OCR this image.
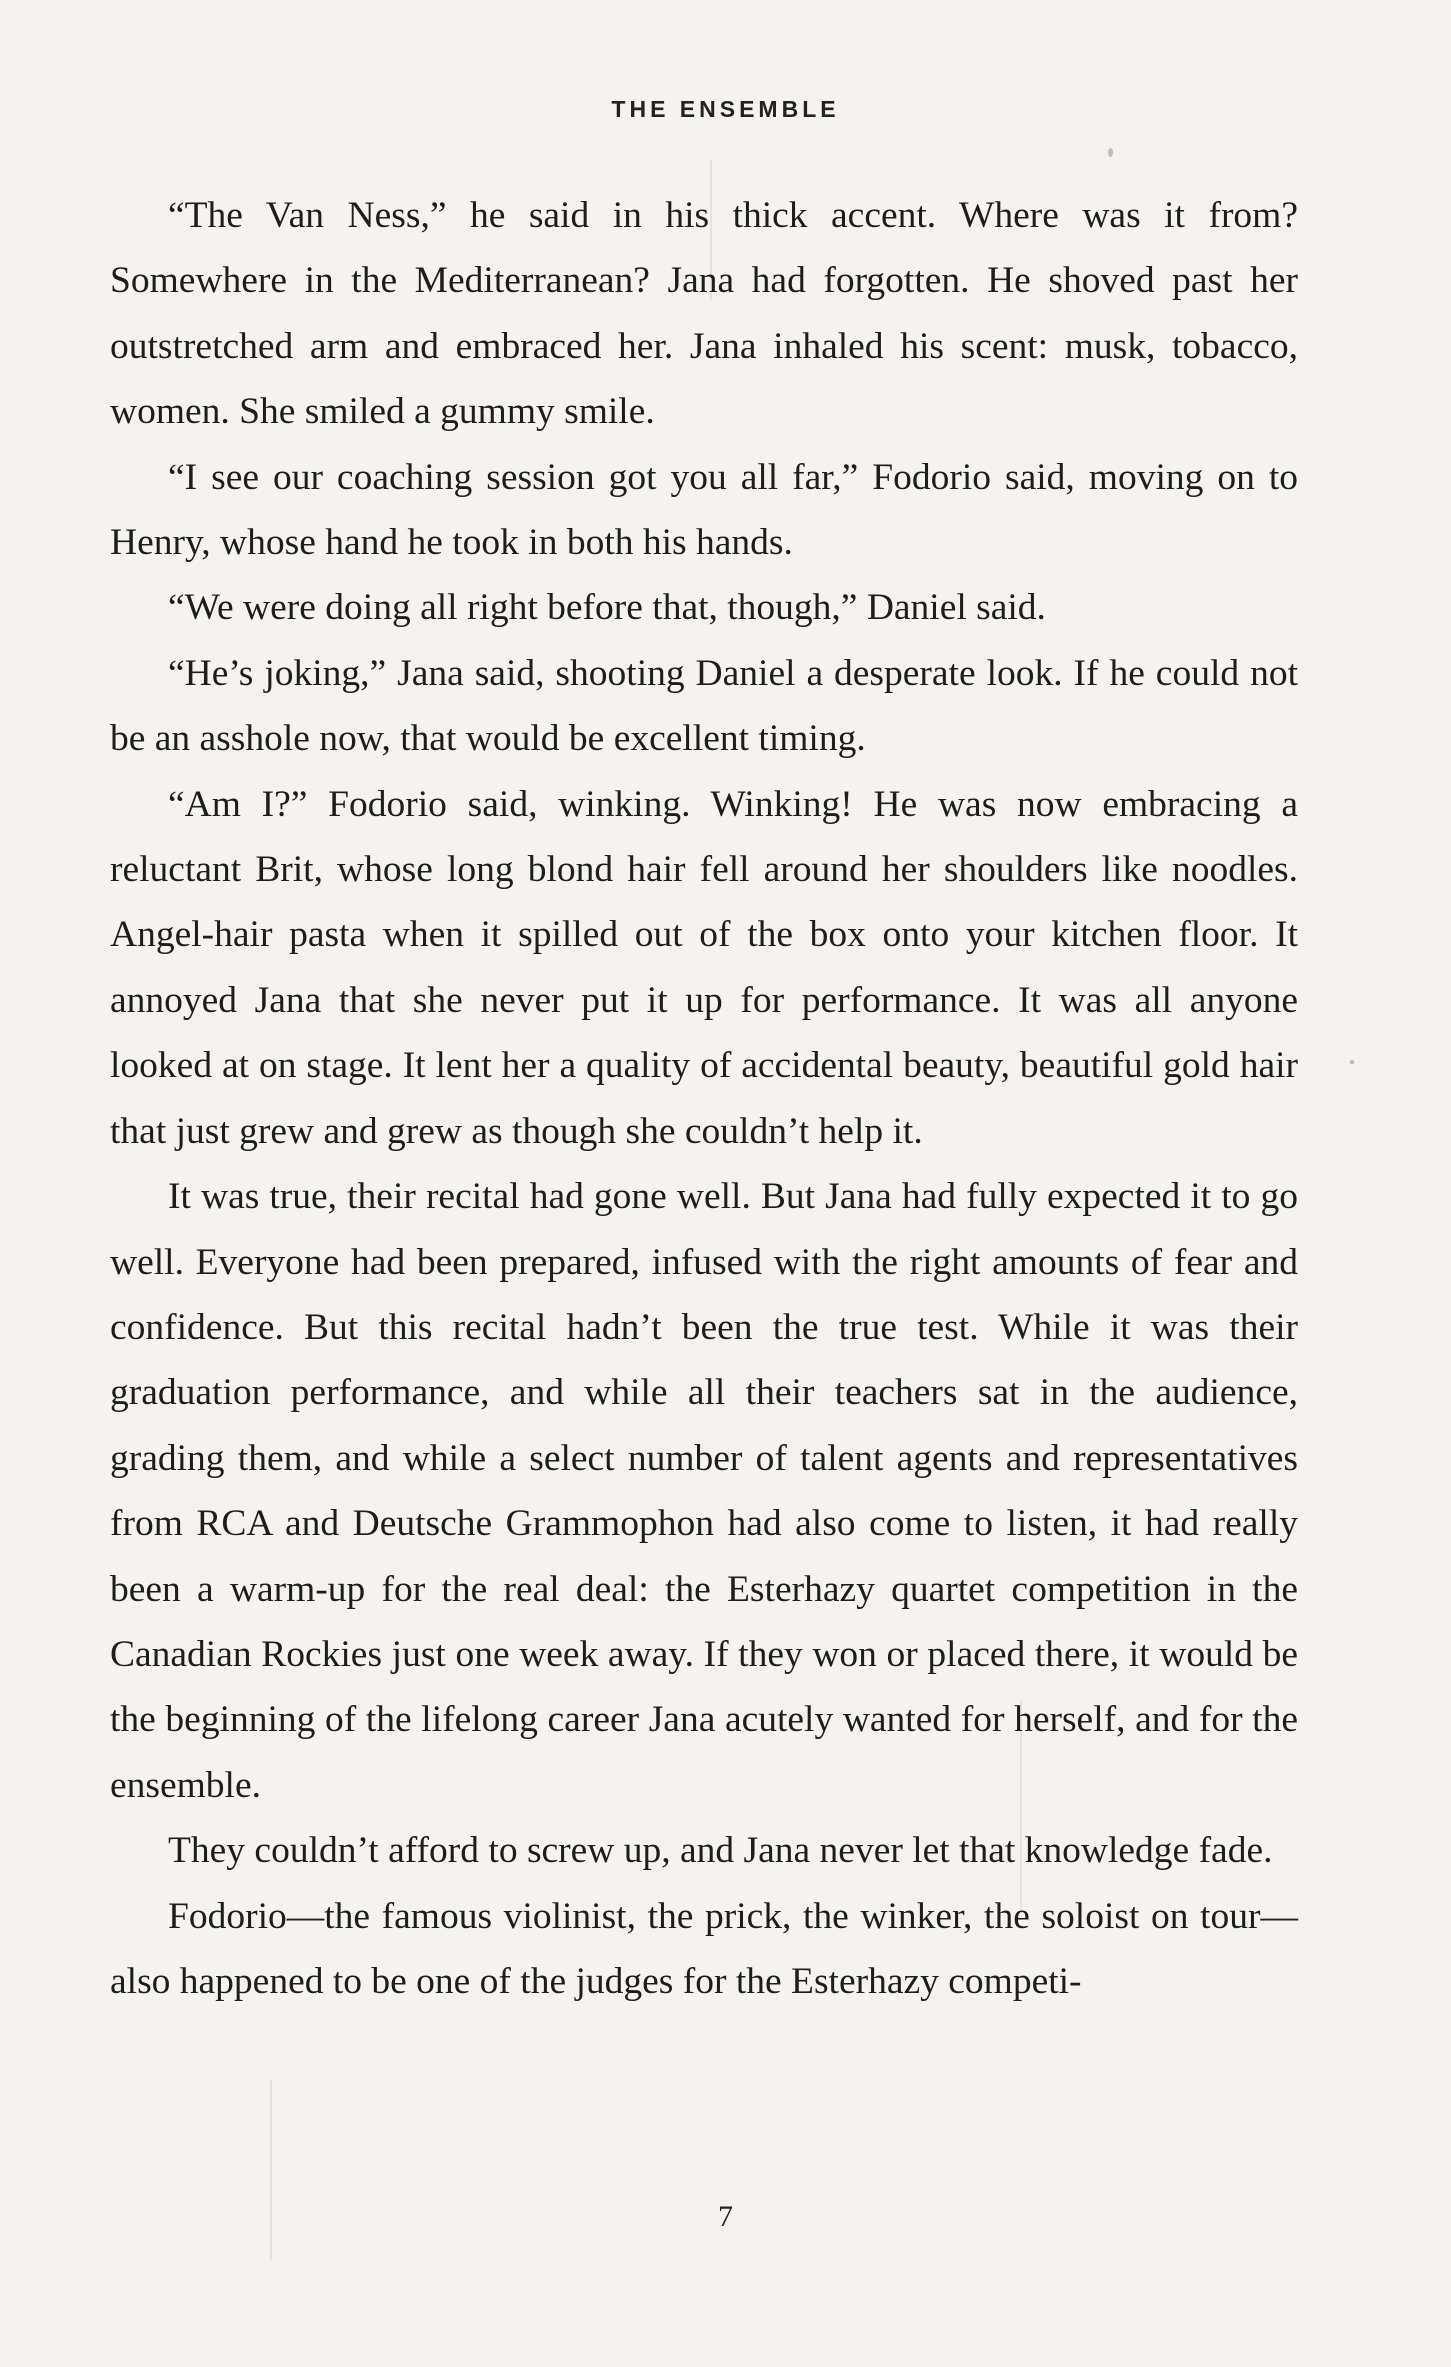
THE ENSEMBLE

“The Van Ness,” he said in his thick accent. Where was it from? Somewhere in the Mediterranean? Jana had forgotten. He shoved past her outstretched arm and embraced her. Jana inhaled his scent: musk, tobacco, women. She smiled a gummy smile.

“I see our coaching session got you all far,” Fodorio said, moving on to Henry, whose hand he took in both his hands.

“We were doing all right before that, though,” Daniel said.

“He’s joking,” Jana said, shooting Daniel a desperate look. If he could not be an asshole now, that would be excellent timing.

“Am I?” Fodorio said, winking. Winking! He was now embracing a reluctant Brit, whose long blond hair fell around her shoulders like noodles. Angel-hair pasta when it spilled out of the box onto your kitchen floor. It annoyed Jana that she never put it up for performance. It was all anyone looked at on stage. It lent her a quality of accidental beauty, beautiful gold hair that just grew and grew as though she couldn’t help it.

It was true, their recital had gone well. But Jana had fully expected it to go well. Everyone had been prepared, infused with the right amounts of fear and confidence. But this recital hadn’t been the true test. While it was their graduation performance, and while all their teachers sat in the audience, grading them, and while a select number of talent agents and representatives from RCA and Deutsche Grammophon had also come to listen, it had really been a warm-up for the real deal: the Esterhazy quartet competition in the Canadian Rockies just one week away. If they won or placed there, it would be the beginning of the lifelong career Jana acutely wanted for herself, and for the ensemble.

They couldn’t afford to screw up, and Jana never let that knowledge fade.

Fodorio—the famous violinist, the prick, the winker, the soloist on tour—also happened to be one of the judges for the Esterhazy competi-

7
